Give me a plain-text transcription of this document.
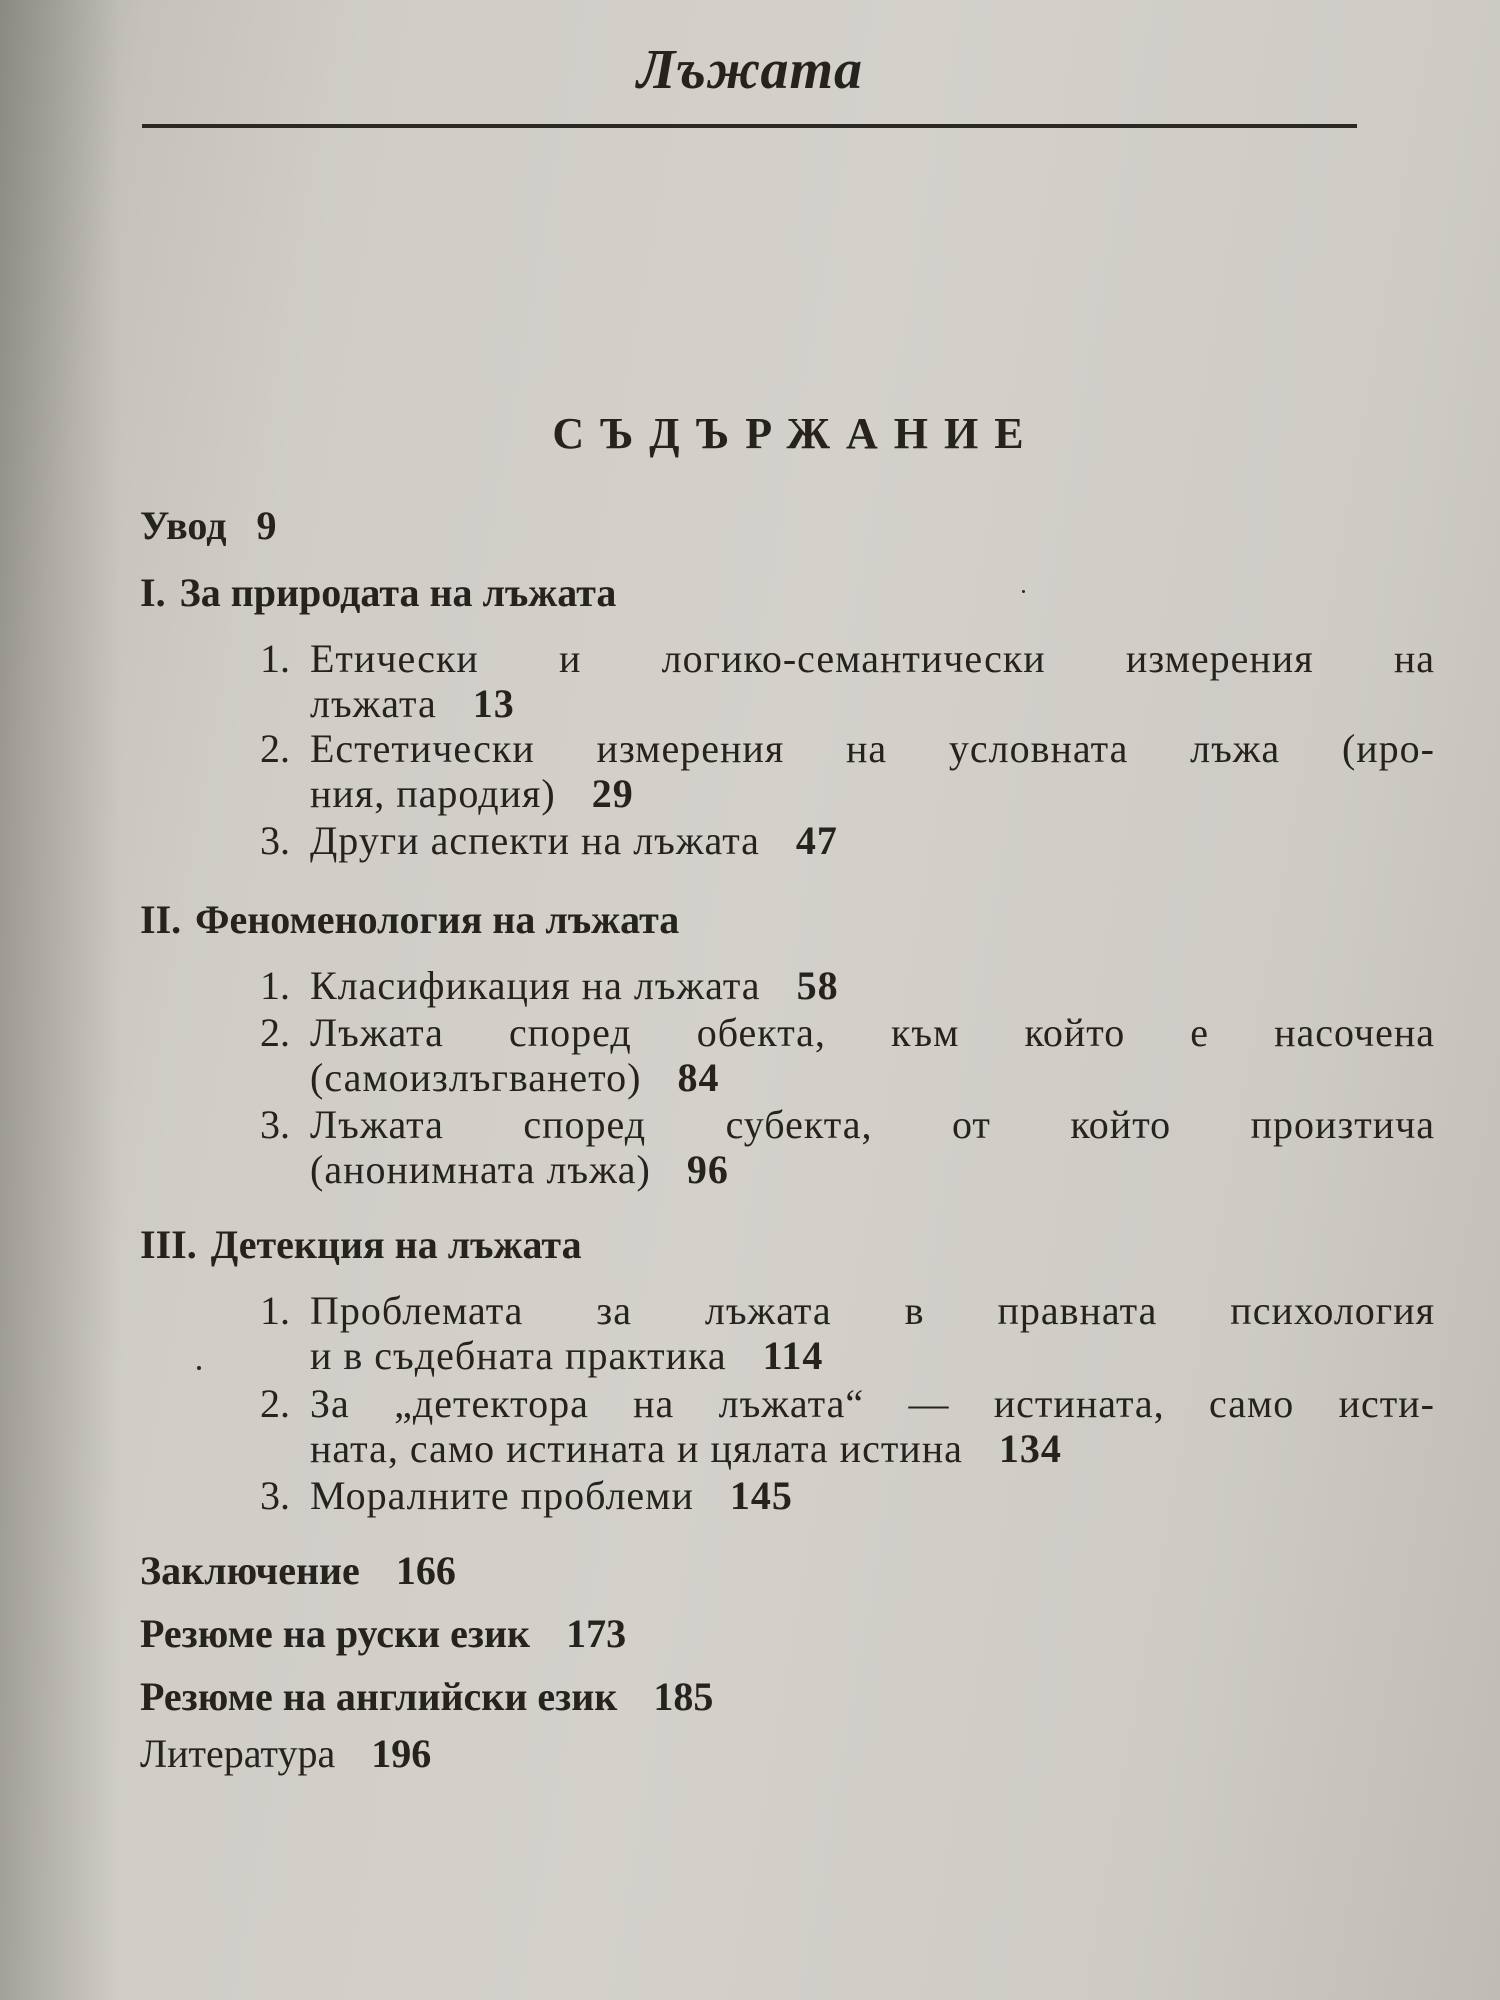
Лъжата
СЪДЪРЖАНИЕ
Увод 9
I. За природата на лъжата
1. Етически и логико-семантически измерения на
лъжата 13
2. Естетически измерения на условната лъжа (иро-
ния, пародия) 29
3. Други аспекти на лъжата 47
II. Феноменология на лъжата
1. Класификация на лъжата 58
2. Лъжата според обекта, към който е насочена
(самоизлъгването) 84
3. Лъжата според субекта, от който произтича
(анонимната лъжа) 96
III. Детекция на лъжата
1. Проблемата за лъжата в правната психология
и в съдебната практика 114
2. За „детектора на лъжата“ — истината, само исти-
ната, само истината и цялата истина 134
3. Моралните проблеми 145
Заключение 166
Резюме на руски език 173
Резюме на английски език 185
Литература 196
